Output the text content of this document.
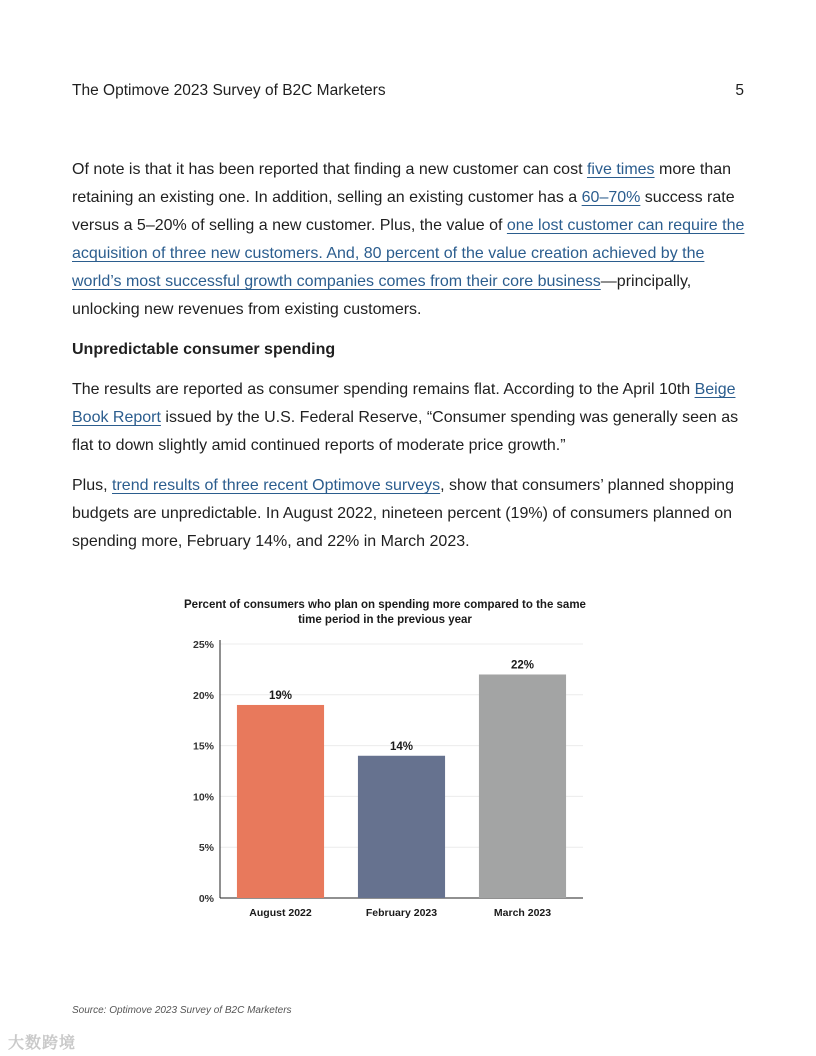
The Optimove 2023 Survey of B2C Marketers	5

Of note is that it has been reported that finding a new customer can cost five times more than retaining an existing one. In addition, selling an existing customer has a 60–70% success rate versus a 5–20% of selling a new customer. Plus, the value of one lost customer can require the acquisition of three new customers. And, 80 percent of the value creation achieved by the world’s most successful growth companies comes from their core business—principally, unlocking new revenues from existing customers.

Unpredictable consumer spending

The results are reported as consumer spending remains flat. According to the April 10th Beige Book Report issued by the U.S. Federal Reserve, “Consumer spending was generally seen as flat to down slightly amid continued reports of moderate price growth.”

Plus, trend results of three recent Optimove surveys, show that consumers’ planned shopping budgets are unpredictable. In August 2022, nineteen percent (19%) of consumers planned on spending more, February 14%, and 22% in March 2023.

Percent of consumers who plan on spending more compared to the same time period in the previous year
0%
5%
10%
15%
20%
25%
19%
August 2022
14%
February 2023
22%
March 2023
Source: Optimove 2023 Survey of B2C Marketers
大数跨境
